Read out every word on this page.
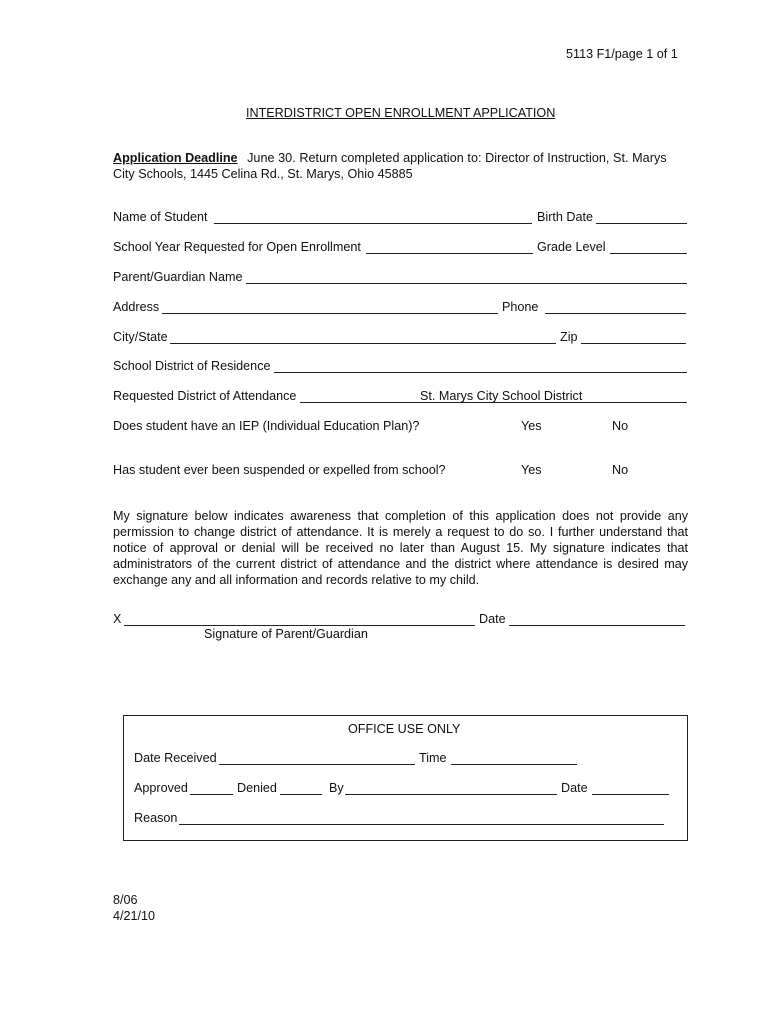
5113 F1/page 1 of 1
INTERDISTRICT OPEN ENROLLMENT APPLICATION
Application Deadline June 30. Return completed application to: Director of Instruction, St. Marys
City Schools, 1445 Celina Rd., St. Marys, Ohio 45885
Name of Student	Birth Date
School Year Requested for Open Enrollment	Grade Level
Parent/Guardian Name
Address	Phone
City/State	Zip
School District of Residence
Requested District of Attendance	St. Marys City School District
Does student have an IEP (Individual Education Plan)?	Yes	No
Has student ever been suspended or expelled from school?	Yes	No
My signature below indicates awareness that completion of this application does not provide any permission to change district of attendance. It is merely a request to do so. I further understand that notice of approval or denial will be received no later than August 15. My signature indicates that administrators of the current district of attendance and the district where attendance is desired may exchange any and all information and records relative to my child.
X	Date
Signature of Parent/Guardian
OFFICE USE ONLY
Date Received	Time
Approved	Denied	By	Date
Reason
8/06
4/21/10
